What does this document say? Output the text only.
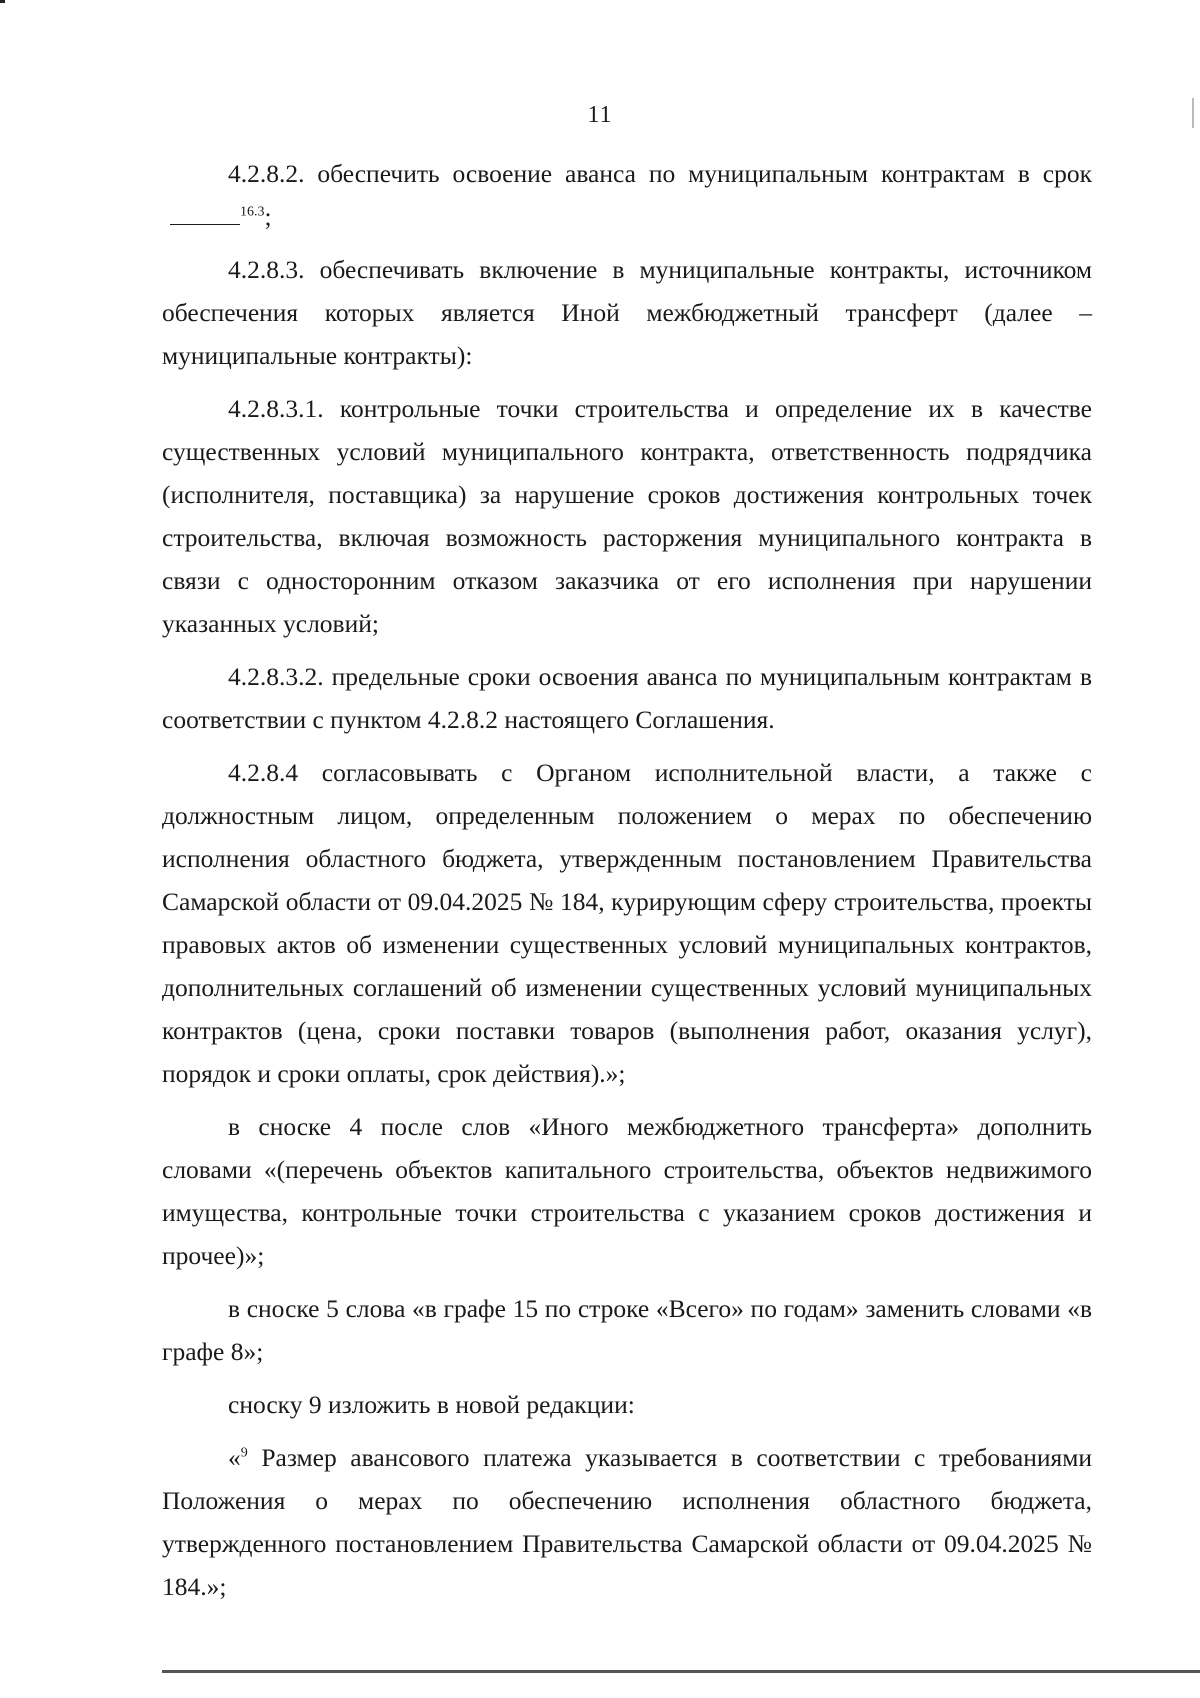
11

4.2.8.2. обеспечить освоение аванса по муниципальным контрактам в срок$^{16.3}$;

4.2.8.3. обеспечивать включение в муниципальные контракты, источником обеспечения которых является Иной межбюджетный трансферт (далее – муниципальные контракты):

4.2.8.3.1. контрольные точки строительства и определение их в качестве существенных условий муниципального контракта, ответственность подрядчика (исполнителя, поставщика) за нарушение сроков достижения контрольных точек строительства, включая возможность расторжения муниципального контракта в связи с односторонним отказом заказчика от его исполнения при нарушении указанных условий;

4.2.8.3.2. предельные сроки освоения аванса по муниципальным контрактам в соответствии с пунктом 4.2.8.2 настоящего Соглашения.

4.2.8.4 согласовывать с Органом исполнительной власти, а также с должностным лицом, определенным положением о мерах по обеспечению исполнения областного бюджета, утвержденным постановлением Правительства Самарской области от 09.04.2025 № 184, курирующим сферу строительства, проекты правовых актов об изменении существенных условий муниципальных контрактов, дополнительных соглашений об изменении существенных условий муниципальных контрактов (цена, сроки поставки товаров (выполнения работ, оказания услуг), порядок и сроки оплаты, срок действия).»;

в сноске 4 после слов «Иного межбюджетного трансферта» дополнить словами «(перечень объектов капитального строительства, объектов недвижимого имущества, контрольные точки строительства с указанием сроков достижения и прочее)»;

в сноске 5 слова «в графе 15 по строке «Всего» по годам» заменить словами «в графе 8»;

сноску 9 изложить в новой редакции:

«$^9$ Размер авансового платежа указывается в соответствии с требованиями Положения о мерах по обеспечению исполнения областного бюджета, утвержденного постановлением Правительства Самарской области от 09.04.2025 № 184.»;
